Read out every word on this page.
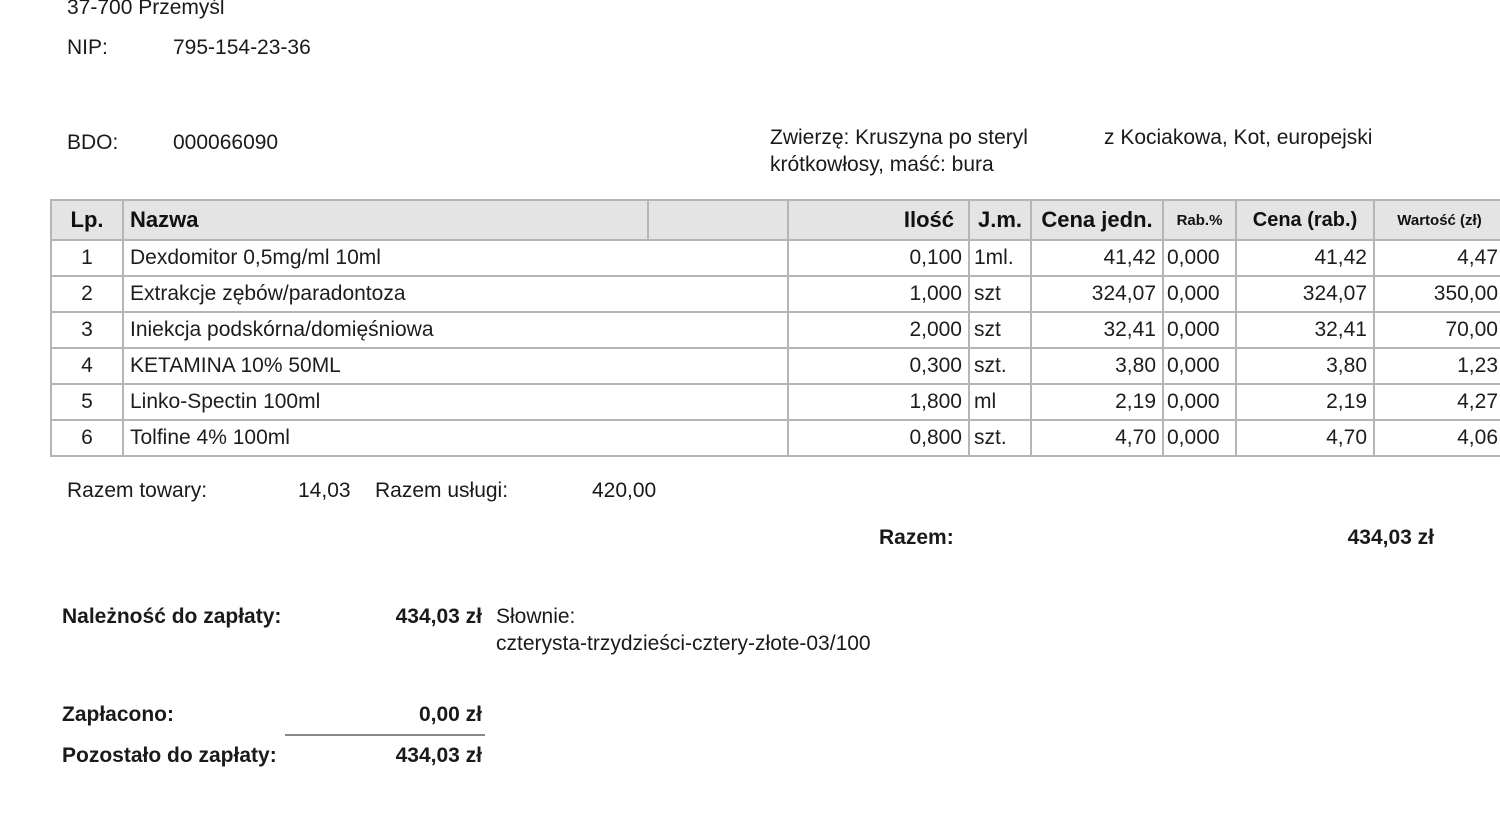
37-700 Przemyśl
NIP:	795-154-23-36
BDO:	000066090	Zwierzę: Kruszyna po steryl	z Kociakowa, Kot, europejski
krótkowłosy, maść: bura
Lp.	Nazwa		Ilość	J.m.	Cena jedn.	Rab.%	Cena (rab.)	Wartość (zł)
1	Dexdomitor 0,5mg/ml 10ml		0,100	1ml.	41,42	0,000	41,42	4,47
2	Extrakcje zębów/paradontoza		1,000	szt	324,07	0,000	324,07	350,00
3	Iniekcja podskórna/domięśniowa		2,000	szt	32,41	0,000	32,41	70,00
4	KETAMINA 10% 50ML		0,300	szt.	3,80	0,000	3,80	1,23
5	Linko-Spectin 100ml		1,800	ml	2,19	0,000	2,19	4,27
6	Tolfine 4% 100ml		0,800	szt.	4,70	0,000	4,70	4,06
Razem towary:	14,03 Razem usługi:	420,00
Razem:	434,03 zł
Należność do zapłaty:	434,03 zł Słownie:
czterysta-trzydzieści-cztery-złote-03/100
Zapłacono:	0,00 zł
Pozostało do zapłaty:	434,03 zł
